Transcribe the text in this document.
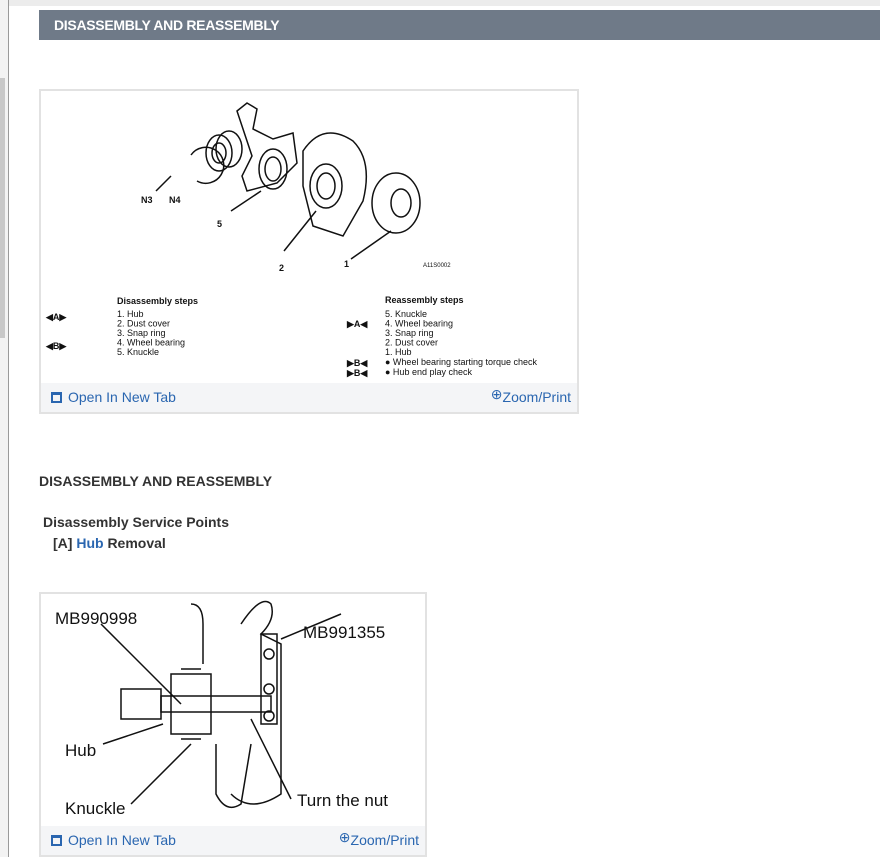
DISASSEMBLY AND REASSEMBLY
N3 N4
5
2	1	A11S0002
Disassembly steps
1. Hub
2. Dust cover
3. Snap ring
4. Wheel bearing
5. Knuckle
◀A▶
◀B▶
Reassembly steps
5. Knuckle
4. Wheel bearing
3. Snap ring
2. Dust cover
1. Hub
● Wheel bearing starting torque check
● Hub end play check
▶A◀
▶B◀
▶B◀
Open In New Tab	⊕Zoom/Print
DISASSEMBLY AND REASSEMBLY
Disassembly Service Points
[A] Hub Removal
MB990998
MB991355
Hub
Knuckle	Turn the nut
Open In New Tab	⊕Zoom/Print
